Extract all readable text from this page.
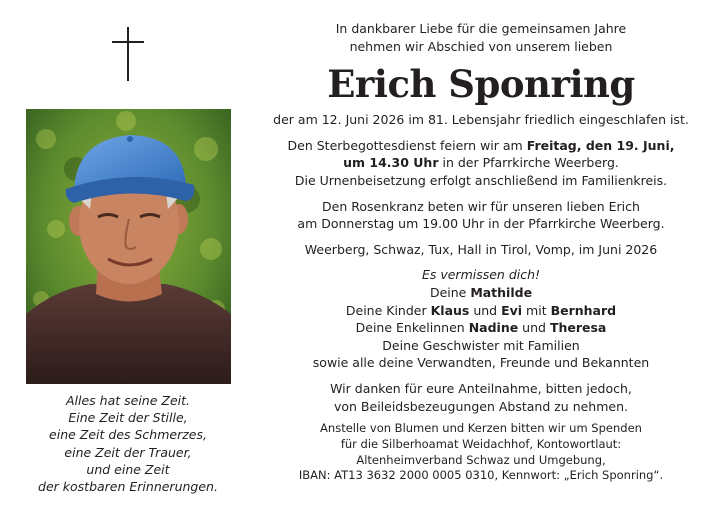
Alles hat seine Zeit.
Eine Zeit der Stille,
eine Zeit des Schmerzes,
eine Zeit der Trauer,
und eine Zeit
der kostbaren Erinnerungen.
In dankbarer Liebe für die gemeinsamen Jahre
nehmen wir Abschied von unserem lieben
Erich Sponring
der am 12. Juni 2026 im 81. Lebensjahr friedlich eingeschlafen ist.
Den Sterbegottesdienst feiern wir am Freitag, den 19. Juni,
um 14.30 Uhr in der Pfarrkirche Weerberg.
Die Urnenbeisetzung erfolgt anschließend im Familienkreis.
Den Rosenkranz beten wir für unseren lieben Erich
am Donnerstag um 19.00 Uhr in der Pfarrkirche Weerberg.
Weerberg, Schwaz, Tux, Hall in Tirol, Vomp, im Juni 2026
Es vermissen dich!
Deine Mathilde
Deine Kinder Klaus und Evi mit Bernhard
Deine Enkelinnen Nadine und Theresa
Deine Geschwister mit Familien
sowie alle deine Verwandten, Freunde und Bekannten
Wir danken für eure Anteilnahme, bitten jedoch,
von Beileidsbezeugungen Abstand zu nehmen.
Anstelle von Blumen und Kerzen bitten wir um Spenden
für die Silberhoamat Weidachhof, Kontowortlaut:
Altenheimverband Schwaz und Umgebung,
IBAN: AT13 3632 2000 0005 0310, Kennwort: „Erich Sponring“.
